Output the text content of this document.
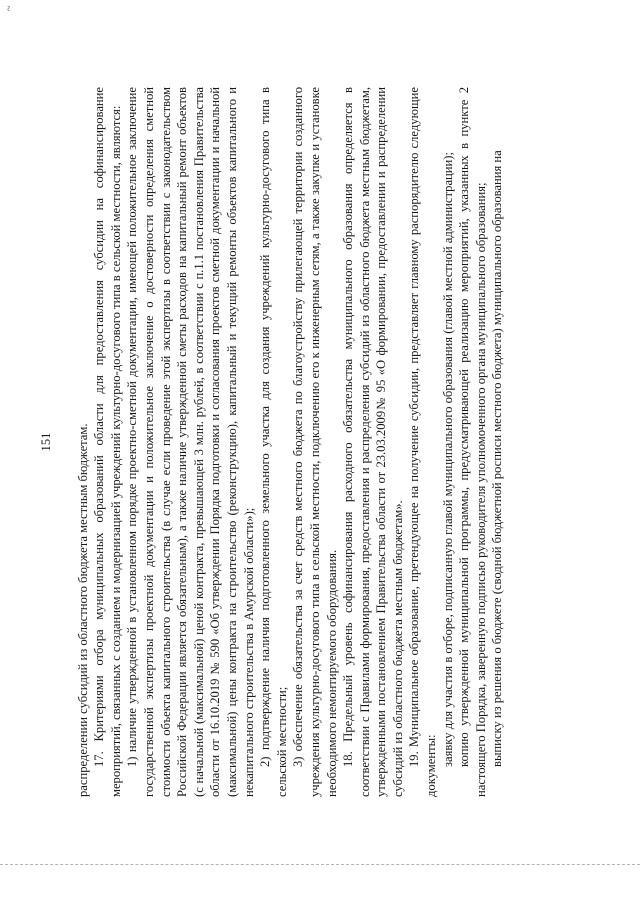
~
151 распределении субсидий из областного бюджета местным бюджетам. 17. Критериями отбора муниципальных образований области для предоставления субсидии на софинансирование мероприятий, связанных с созданием и модернизацией учреждений культурно-досугового типа в сельской местности, являются: 1) наличие утвержденной в установленном порядке проектно-сметной документации, имеющей положительное заключение государственной экспертизы проектной документации и положительное заключение о достоверности определения сметной стоимости объекта капитального строительства (в случае если проведение этой экспертизы в соответствии с законодательством Российской Федерации является обязательным), а также наличие утвержденной сметы расходов на капитальный ремонт объектов (с начальной (максимальной) ценой контракта, превышающей 3 млн. рублей, в соответствии с п.1.1 постановления Правительства области от 16.10.2019 № 590 «Об утверждении Порядка подготовки и согласования проектов сметной документации и начальной (максимальной) цены контракта на строительство (реконструкцию), капитальный и текущий ремонты объектов капитального и некапитального строительства в Амурской области»); 2) подтверждение наличия подготовленного земельного участка для создания учреждений культурно-досугового типа в сельской местности; 3) обеспечение обязательства за счет средств местного бюджета по благоустройству прилегающей территории созданного учреждения культурно-досугового типа в сельской местности, подключению его к инженерным сетям, а также закупке и установке необходимого немонтируемого оборудования. 18. Предельный уровень софинансирования расходного обязательства муниципального образования определяется в соответствии с Правилами формирования, предоставления и распределения субсидий из областного бюджета местным бюджетам, утвержденными постановлением Правительства области от 23.03.2009№ 95 «О формировании, предоставлении и распределении субсидий из областного бюджета местным бюджетам». 19. Муниципальное образование, претендующее на получение субсидии, представляет главному распорядителю следующие документы: заявку для участия в отборе, подписанную главой муниципального образования (главой местной администрации); копию утвержденной муниципальной программы, предусматривающей реализацию мероприятий, указанных в пункте 2 настоящего Порядка, заверенную подписью руководителя уполномоченного органа муниципального образования; выписку из решения о бюджете (сводной бюджетной росписи местного бюджета) муниципального образования на
